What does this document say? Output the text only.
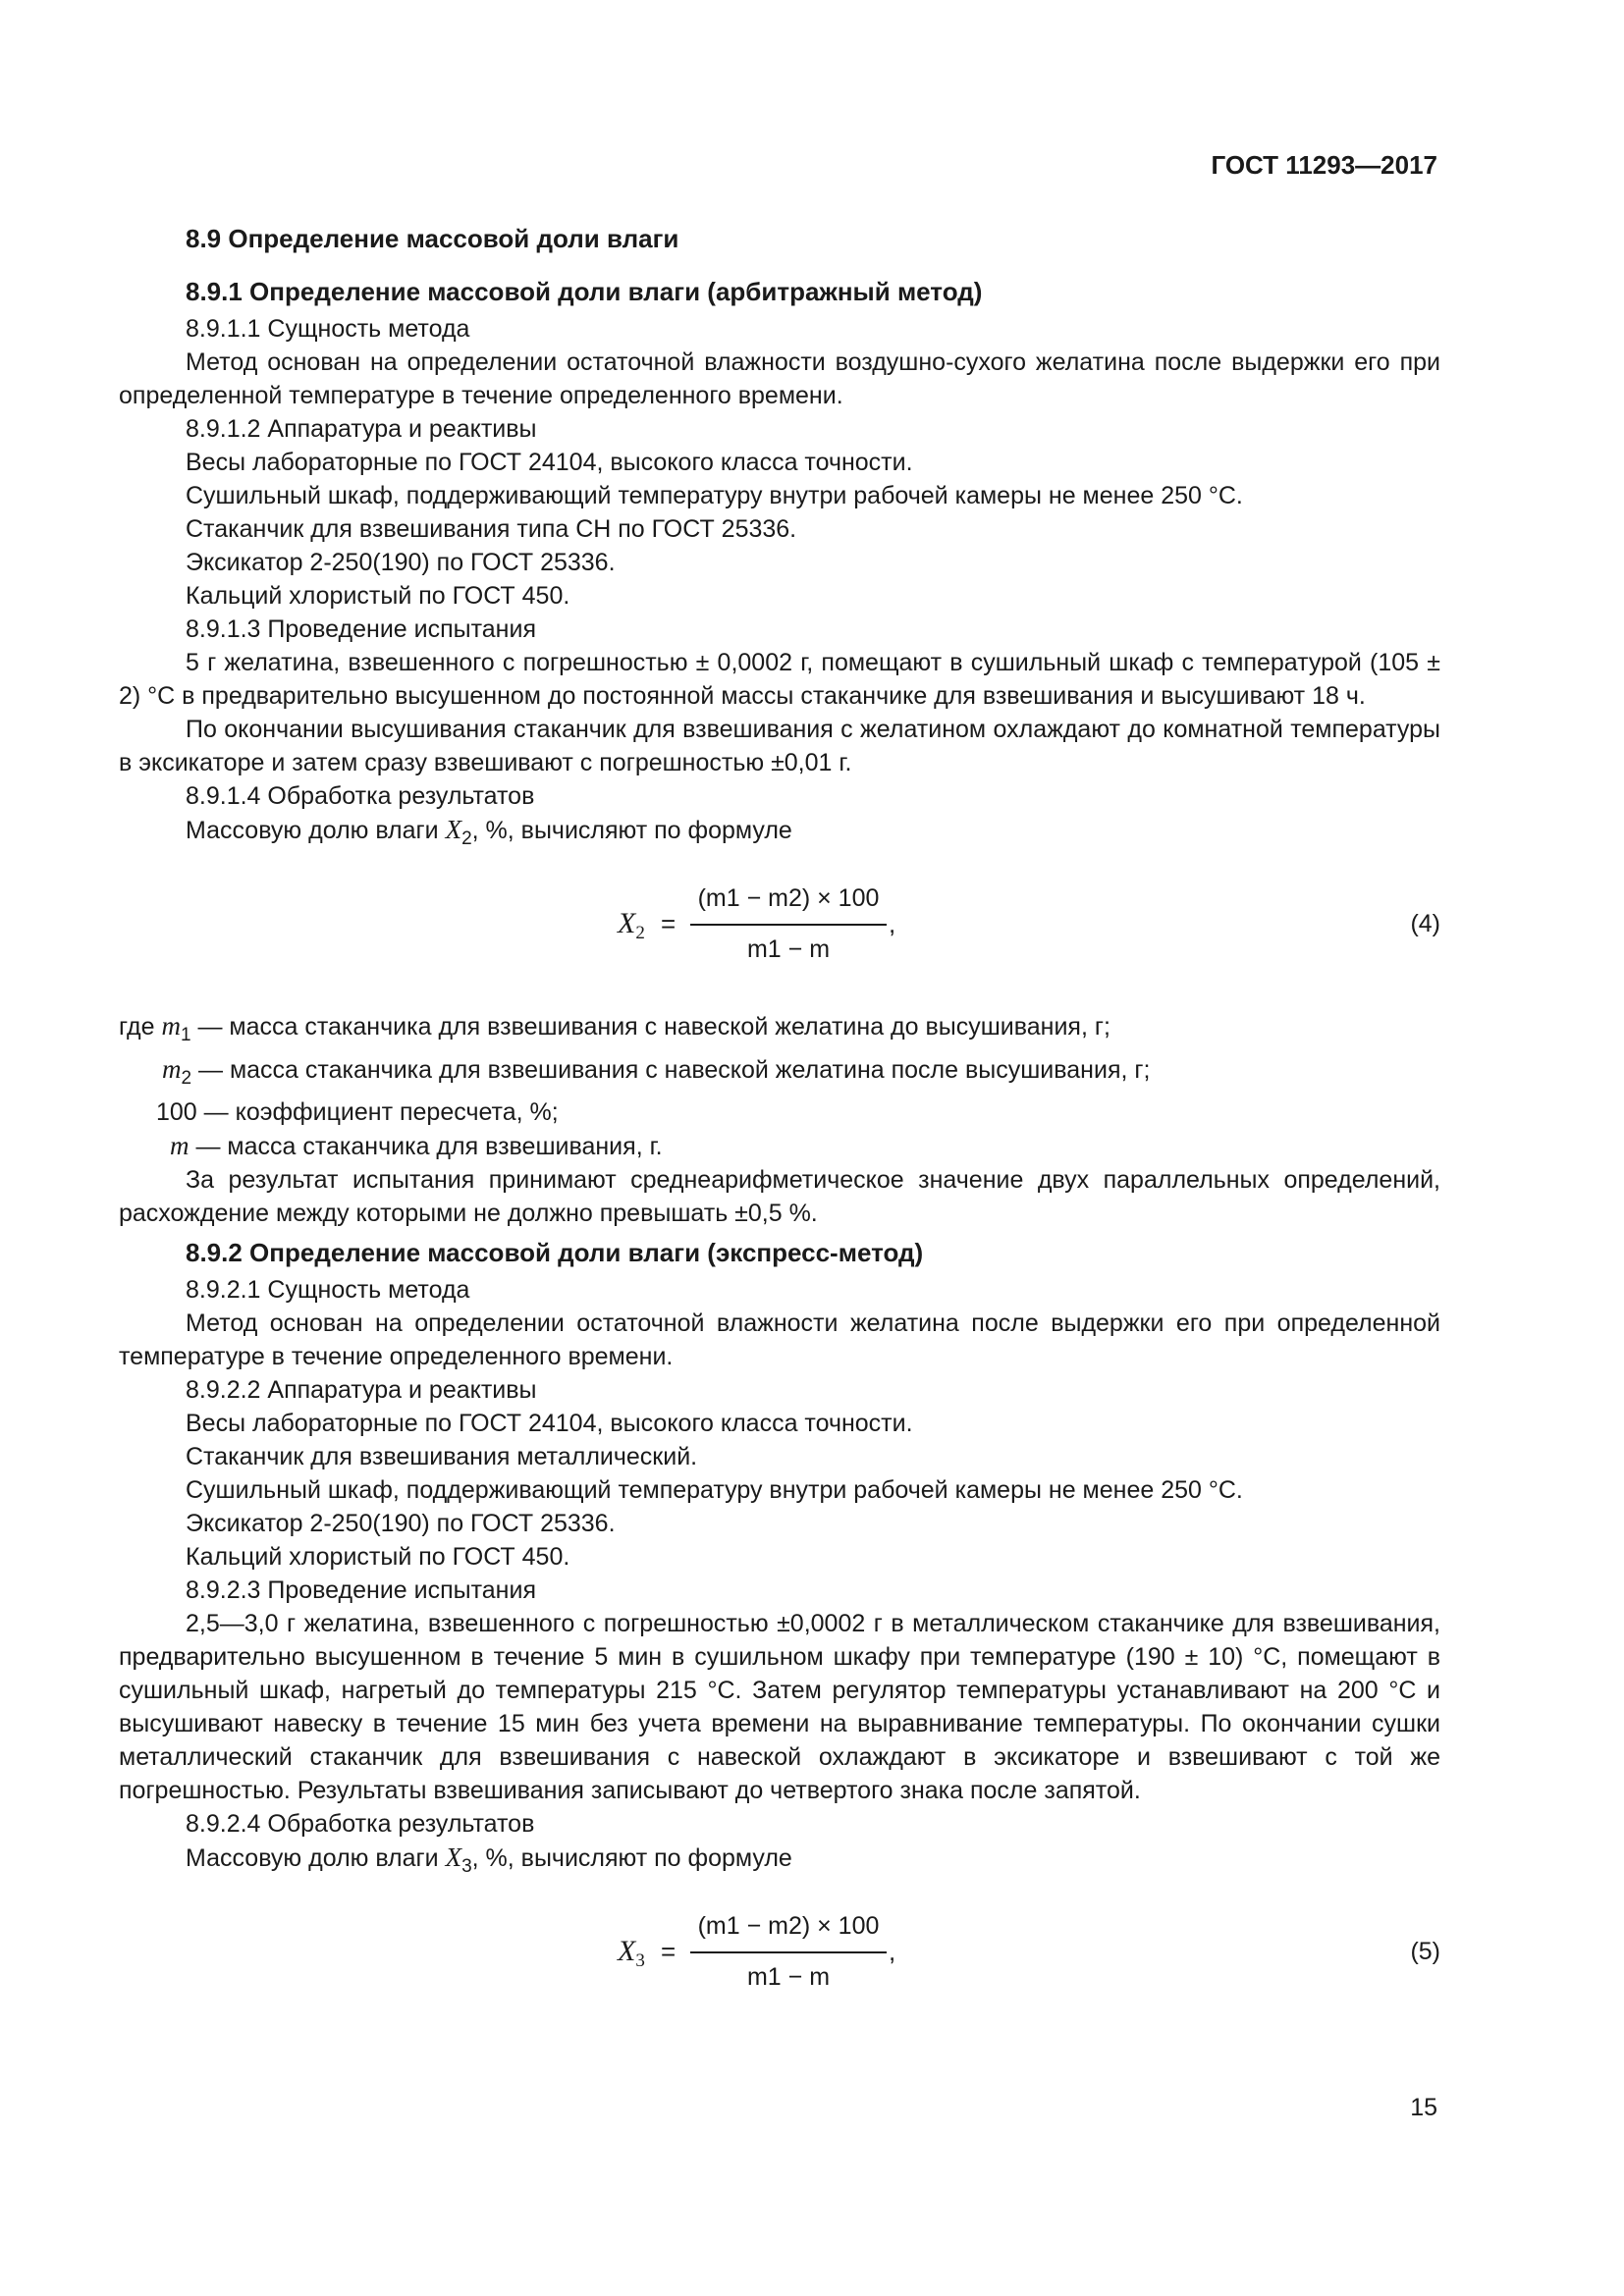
ГОСТ 11293—2017
8.9 Определение массовой доли влаги
8.9.1 Определение массовой доли влаги (арбитражный метод)
8.9.1.1 Сущность метода

Метод основан на определении остаточной влажности воздушно-сухого желатина после выдержки его при определенной температуре в течение определенного времени.

8.9.1.2 Аппаратура и реактивы
Весы лабораторные по ГОСТ 24104, высокого класса точности.
Сушильный шкаф, поддерживающий температуру внутри рабочей камеры не менее 250 °С.
Стаканчик для взвешивания типа СН по ГОСТ 25336.
Эксикатор 2-250(190) по ГОСТ 25336.
Кальций хлористый по ГОСТ 450.
8.9.1.3 Проведение испытания

5 г желатина, взвешенного с погрешностью ± 0,0002 г, помещают в сушильный шкаф с температурой (105 ± 2) °С в предварительно высушенном до постоянной массы стаканчике для взвешивания и высушивают 18 ч.

По окончании высушивания стаканчик для взвешивания с желатином охлаждают до комнатной температуры в эксикаторе и затем сразу взвешивают с погрешностью ±0,01 г.

8.9.1.4 Обработка результатов
Массовую долю влаги $X_2$, %, вычисляют по формуле
$X_2$ =
(m1 − m2) × 100
m1 − m
,	(4)
где $m_1$ — масса стаканчика для взвешивания с навеской желатина до высушивания, г;
$m_2$ — масса стаканчика для взвешивания с навеской желатина после высушивания, г;
100 — коэффициент пересчета, %;
m — масса стаканчика для взвешивания, г.

За результат испытания принимают среднеарифметическое значение двух параллельных определений, расхождение между которыми не должно превышать ±0,5 %.

8.9.2 Определение массовой доли влаги (экспресс-метод)
8.9.2.1 Сущность метода

Метод основан на определении остаточной влажности желатина после выдержки его при определенной температуре в течение определенного времени.

8.9.2.2 Аппаратура и реактивы
Весы лабораторные по ГОСТ 24104, высокого класса точности.
Стаканчик для взвешивания металлический.
Сушильный шкаф, поддерживающий температуру внутри рабочей камеры не менее 250 °С.
Эксикатор 2-250(190) по ГОСТ 25336.
Кальций хлористый по ГОСТ 450.
8.9.2.3 Проведение испытания

2,5—3,0 г желатина, взвешенного с погрешностью ±0,0002 г в металлическом стаканчике для взвешивания, предварительно высушенном в течение 5 мин в сушильном шкафу при температуре (190 ± 10) °С, помещают в сушильный шкаф, нагретый до температуры 215 °С. Затем регулятор температуры устанавливают на 200 °С и высушивают навеску в течение 15 мин без учета времени на выравнивание температуры. По окончании сушки металлический стаканчик для взвешивания с навеской охлаждают в эксикаторе и взвешивают с той же погрешностью. Результаты взвешивания записывают до четвертого знака после запятой.

8.9.2.4 Обработка результатов
Массовую долю влаги $X_3$, %, вычисляют по формуле
$X_3$ =
(m1 − m2) × 100
m1 − m
,	(5)
15
